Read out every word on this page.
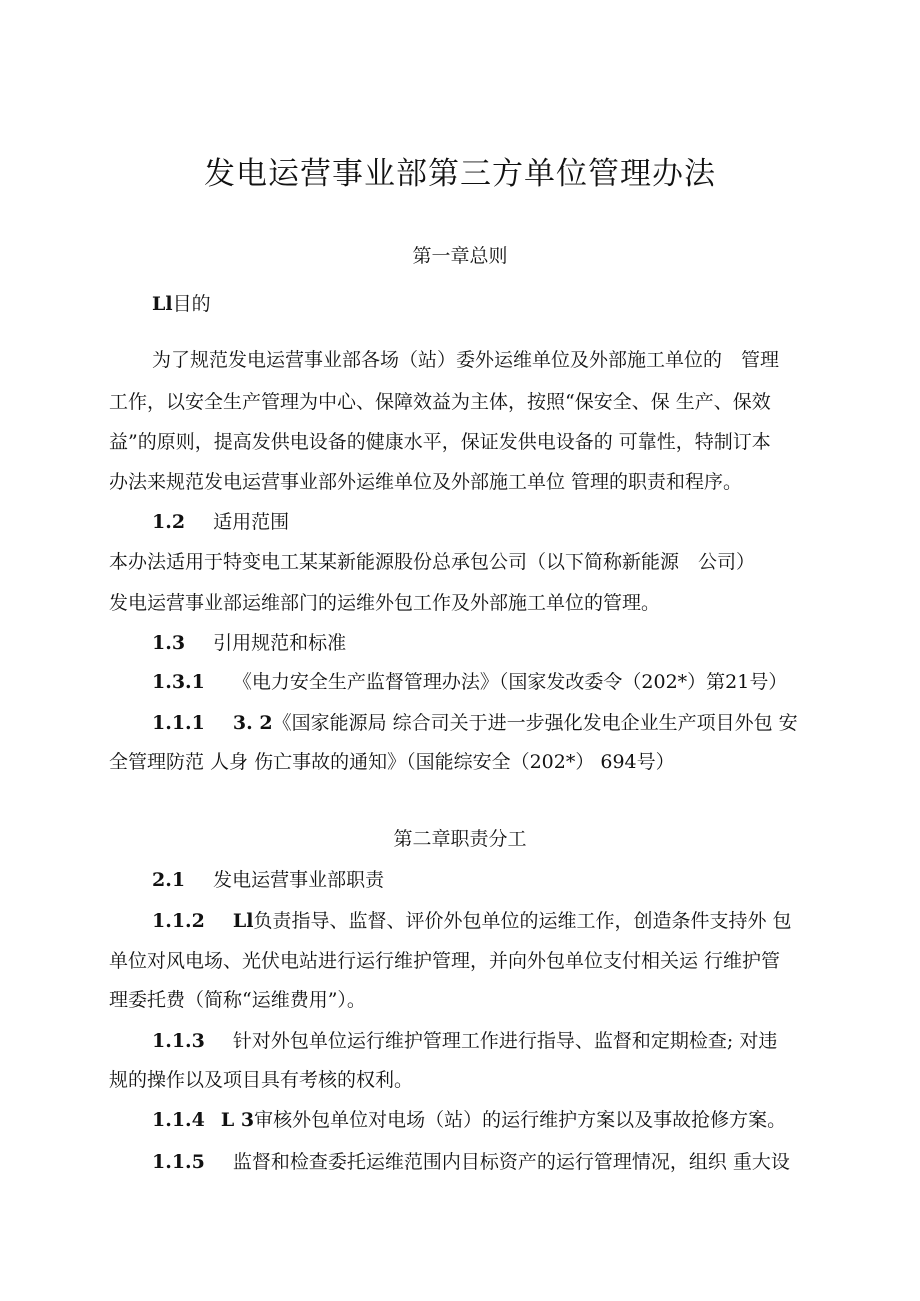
发电运营事业部第三方单位管理办法
第一章总则
Ll目的
为了规范发电运营事业部各场（站）委外运维单位及外部施工单位的　管理
工作，以安全生产管理为中心、保障效益为主体，按照“保安全、保 生产、保效
益”的原则，提高发供电设备的健康水平，保证发供电设备的 可靠性，特制订本
办法来规范发电运营事业部外运维单位及外部施工单位 管理的职责和程序。
1.2 适用范围
本办法适用于特变电工某某新能源股份总承包公司（以下简称新能源　公司）
发电运营事业部运维部门的运维外包工作及外部施工单位的管理。
1.3 引用规范和标准
1.3.1 《电力安全生产监督管理办法》（国家发改委令（202*）第21号）
1.1.1 3. 2《国家能源局 综合司关于进一步强化发电企业生产项目外包 安
全管理防范 人身 伤亡事故的通知》（国能综安全（202*） 694号）
第二章职责分工
2.1 发电运营事业部职责
1.1.2 Ll负责指导、监督、评价外包单位的运维工作，创造条件支持外 包
单位对风电场、光伏电站进行运行维护管理，并向外包单位支付相关运 行维护管
理委托费（简称“运维费用”）。
1.1.3 针对外包单位运行维护管理工作进行指导、监督和定期检查; 对违
规的操作以及项目具有考核的权利。
1.1.4 L 3审核外包单位对电场（站）的运行维护方案以及事故抢修方案。
1.1.5 监督和检查委托运维范围内目标资产的运行管理情况，组织 重大设
